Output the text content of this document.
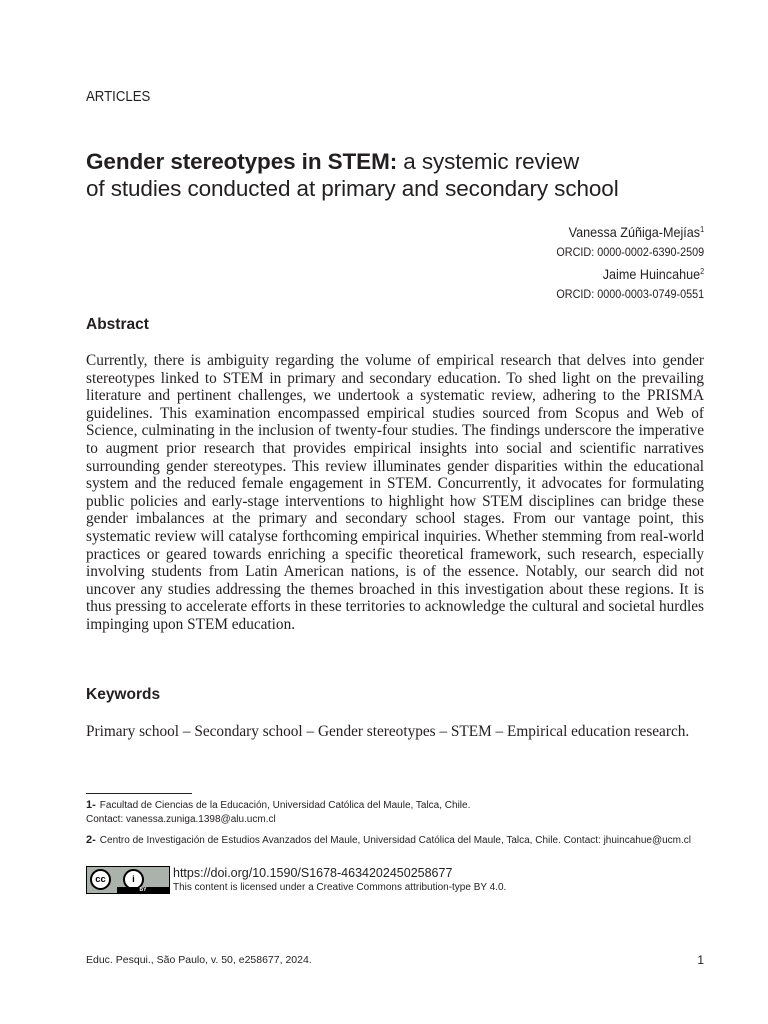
ARTICLES
Gender stereotypes in STEM: a systemic review
of studies conducted at primary and secondary school
Vanessa Zúñiga-Mejías$^1$
ORCID: 0000-0002-6390-2509
Jaime Huincahue$^2$
ORCID: 0000-0003-0749-0551
Abstract
Currently, there is ambiguity regarding the volume of empirical research that delves into gender stereotypes linked to STEM in primary and secondary education. To shed light on the prevailing literature and pertinent challenges, we undertook a systematic review, adhering to the PRISMA guidelines. This examination encompassed empirical studies sourced from Scopus and Web of Science, culminating in the inclusion of twenty-four studies. The findings underscore the imperative to augment prior research that provides empirical insights into social and scientific narratives surrounding gender stereotypes. This review illuminates gender disparities within the educational system and the reduced female engagement in STEM. Concurrently, it advocates for formulating public policies and early-stage interventions to highlight how STEM disciplines can bridge these gender imbalances at the primary and secondary school stages. From our vantage point, this systematic review will catalyse forthcoming empirical inquiries. Whether stemming from real-world practices or geared towards enriching a specific theoretical framework, such research, especially involving students from Latin American nations, is of the essence. Notably, our search did not uncover any studies addressing the themes broached in this investigation about these regions. It is thus pressing to accelerate efforts in these territories to acknowledge the cultural and societal hurdles impinging upon STEM education.
Keywords
Primary school – Secondary school – Gender stereotypes – STEM – Empirical education research.
1- Facultad de Ciencias de la Educación, Universidad Católica del Maule, Talca, Chile.
Contact: vanessa.zuniga.1398@alu.ucm.cl
2- Centro de Investigación de Estudios Avanzados del Maule, Universidad Católica del Maule, Talca, Chile. Contact: jhuincahue@ucm.cl
cc	i
BY
https://doi.org/10.1590/S1678-4634202450258677
This content is licensed under a Creative Commons attribution-type BY 4.0.
Educ. Pesqui., São Paulo, v. 50, e258677, 2024.	1
